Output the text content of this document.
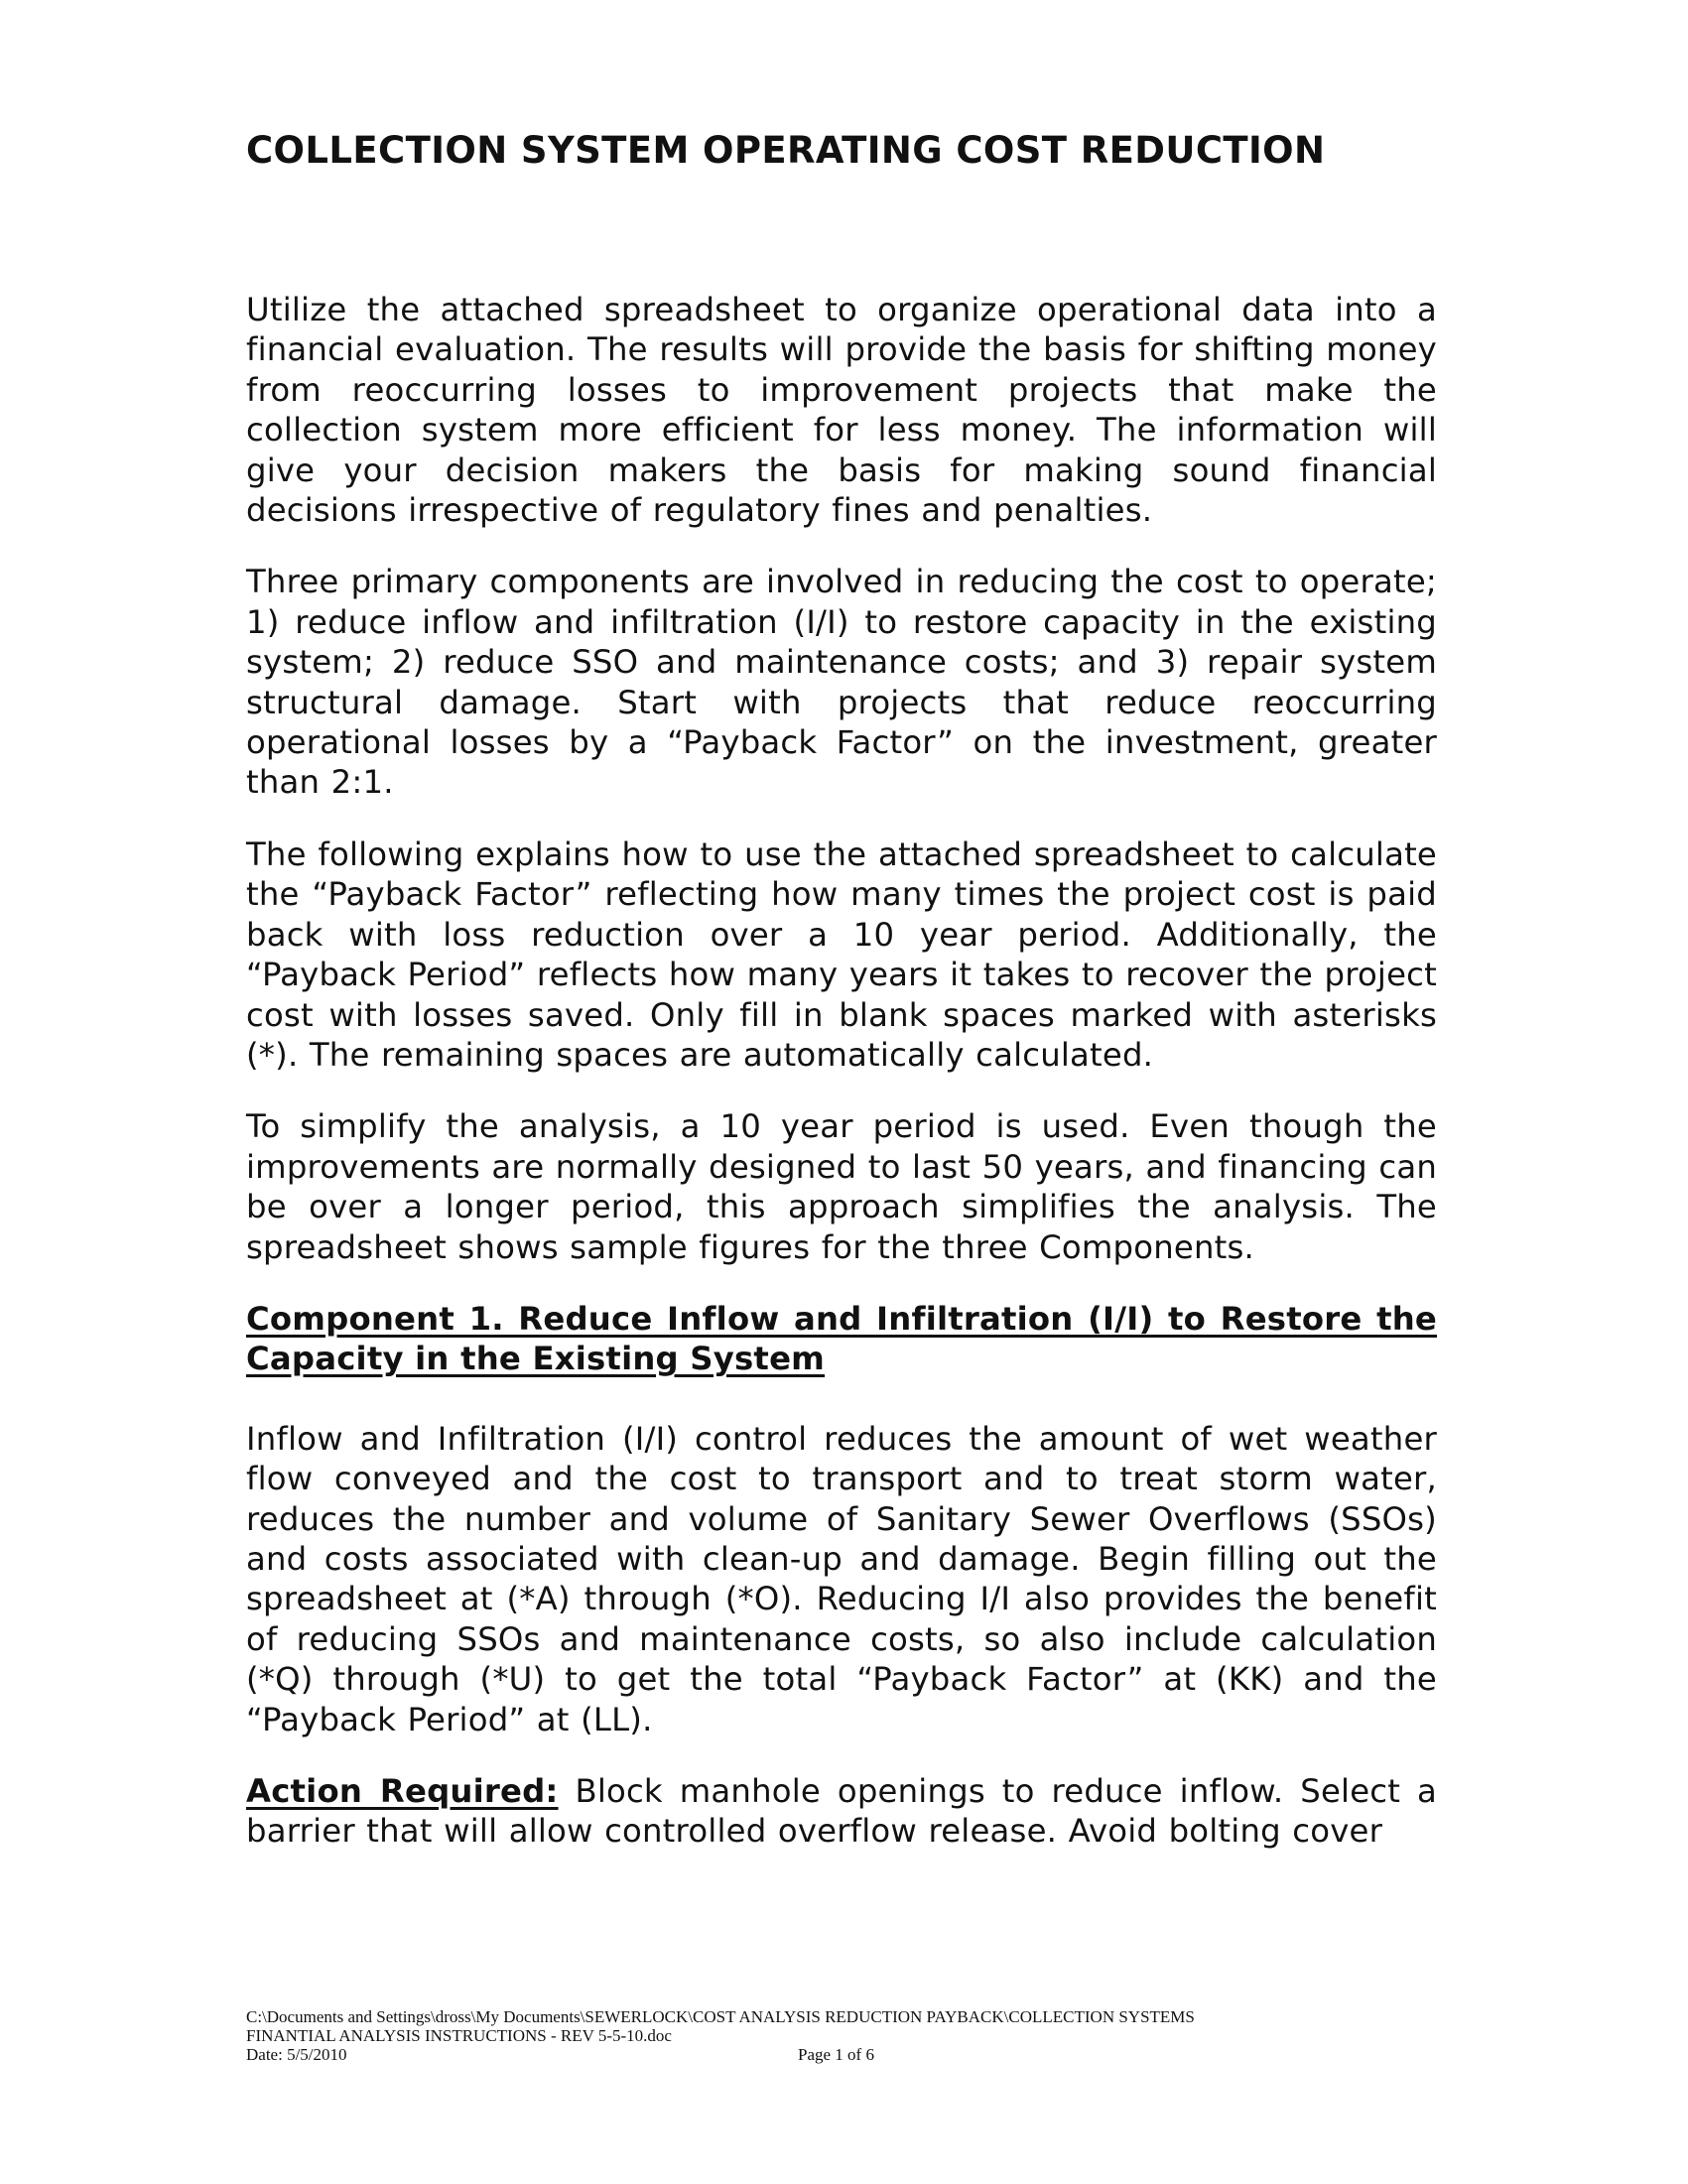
COLLECTION SYSTEM OPERATING COST REDUCTION

Utilize the attached spreadsheet to organize operational data into a financial evaluation. The results will provide the basis for shifting money from reoccurring losses to improvement projects that make the collection system more efficient for less money. The information will give your decision makers the basis for making sound financial decisions irrespective of regulatory fines and penalties.

Three primary components are involved in reducing the cost to operate; 1) reduce inflow and infiltration (I/I) to restore capacity in the existing system; 2) reduce SSO and maintenance costs; and 3) repair system structural damage. Start with projects that reduce reoccurring operational losses by a “Payback Factor” on the investment, greater than 2:1.

The following explains how to use the attached spreadsheet to calculate the “Payback Factor” reflecting how many times the project cost is paid back with loss reduction over a 10 year period. Additionally, the “Payback Period” reflects how many years it takes to recover the project cost with losses saved. Only fill in blank spaces marked with asterisks (*). The remaining spaces are automatically calculated.

To simplify the analysis, a 10 year period is used. Even though the improvements are normally designed to last 50 years, and financing can be over a longer period, this approach simplifies the analysis. The spreadsheet shows sample figures for the three Components.

Component 1. Reduce Inflow and Infiltration (I/I) to Restore the Capacity in the Existing System

Inflow and Infiltration (I/I) control reduces the amount of wet weather flow conveyed and the cost to transport and to treat storm water, reduces the number and volume of Sanitary Sewer Overflows (SSOs) and costs associated with clean-up and damage. Begin filling out the spreadsheet at (*A) through (*O). Reducing I/I also provides the benefit of reducing SSOs and maintenance costs, so also include calculation (*Q) through (*U) to get the total “Payback Factor” at (KK) and the “Payback Period” at (LL).

Action Required: Block manhole openings to reduce inflow. Select a barrier that will allow controlled overflow release. Avoid bolting cover

C:\Documents and Settings\dross\My Documents\SEWERLOCK\COST ANALYSIS REDUCTION PAYBACK\COLLECTION SYSTEMS
FINANTIAL ANALYSIS INSTRUCTIONS - REV 5-5-10.doc
Date: 5/5/2010	Page 1 of 6
